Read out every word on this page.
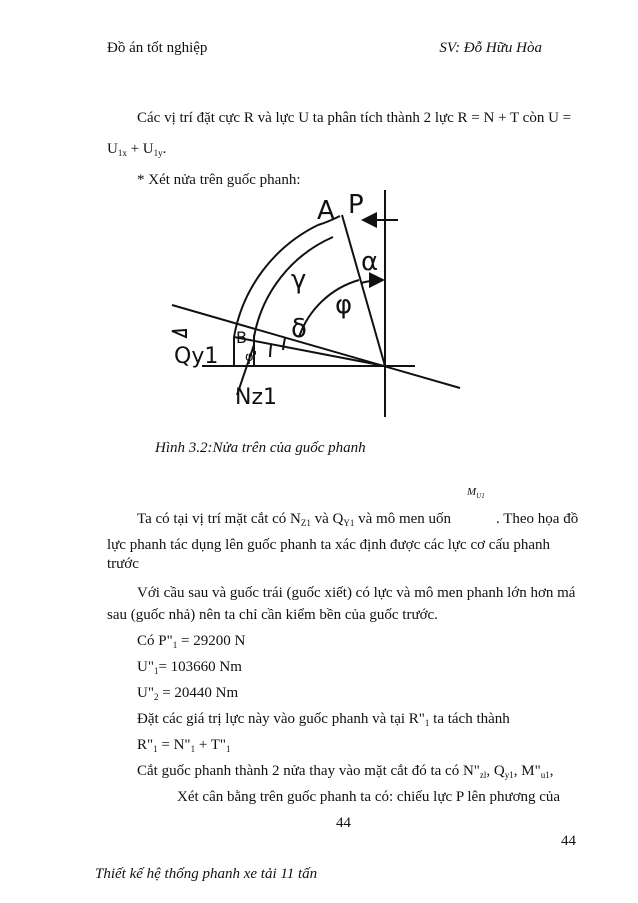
Đồ án tốt nghiệp	SV: Đỗ Hữu Hòa
Các vị trí đặt cực R và lực U ta phân tích thành 2 lực R = N + T còn U =
$U_{1x} + U_{1y}$.
* Xét nửa trên guốc phanh:
A P
α
γ
φ
δ
B
φ'
Qy1
Nz1
Hình 3.2:Nửa trên của guốc phanh
$M_{U1}$
Ta có tại vị trí mặt cắt có $N_{Z1}$ và $Q_{Y1}$ và mô men uốn	. Theo họa đồ
lực phanh tác dụng lên guốc phanh ta xác định được các lực cơ cấu phanh
trước
Với cầu sau và guốc trái (guốc xiết) có lực và mô men phanh lớn hơn má
sau (guốc nhả) nên ta chỉ cần kiểm bền của guốc trước.
Có $P"_1 = 29200$ N
$U"_1= 103660$ Nm
$U"_2 = 20440$ Nm
Đặt các giá trị lực này vào guốc phanh và tại $R"_1$ ta tách thành
$R"_1$ = $N"_1$ + $T"_1$
Cắt guốc phanh thành 2 nửa thay vào mặt cắt đó ta có $N"_{zl}$, $Q_{y1}$, $M"_{u1}$,
Xét cân bằng trên guốc phanh ta có: chiếu lực P lên phương của
44
44
Thiết kế hệ thống phanh xe tải 11 tấn
